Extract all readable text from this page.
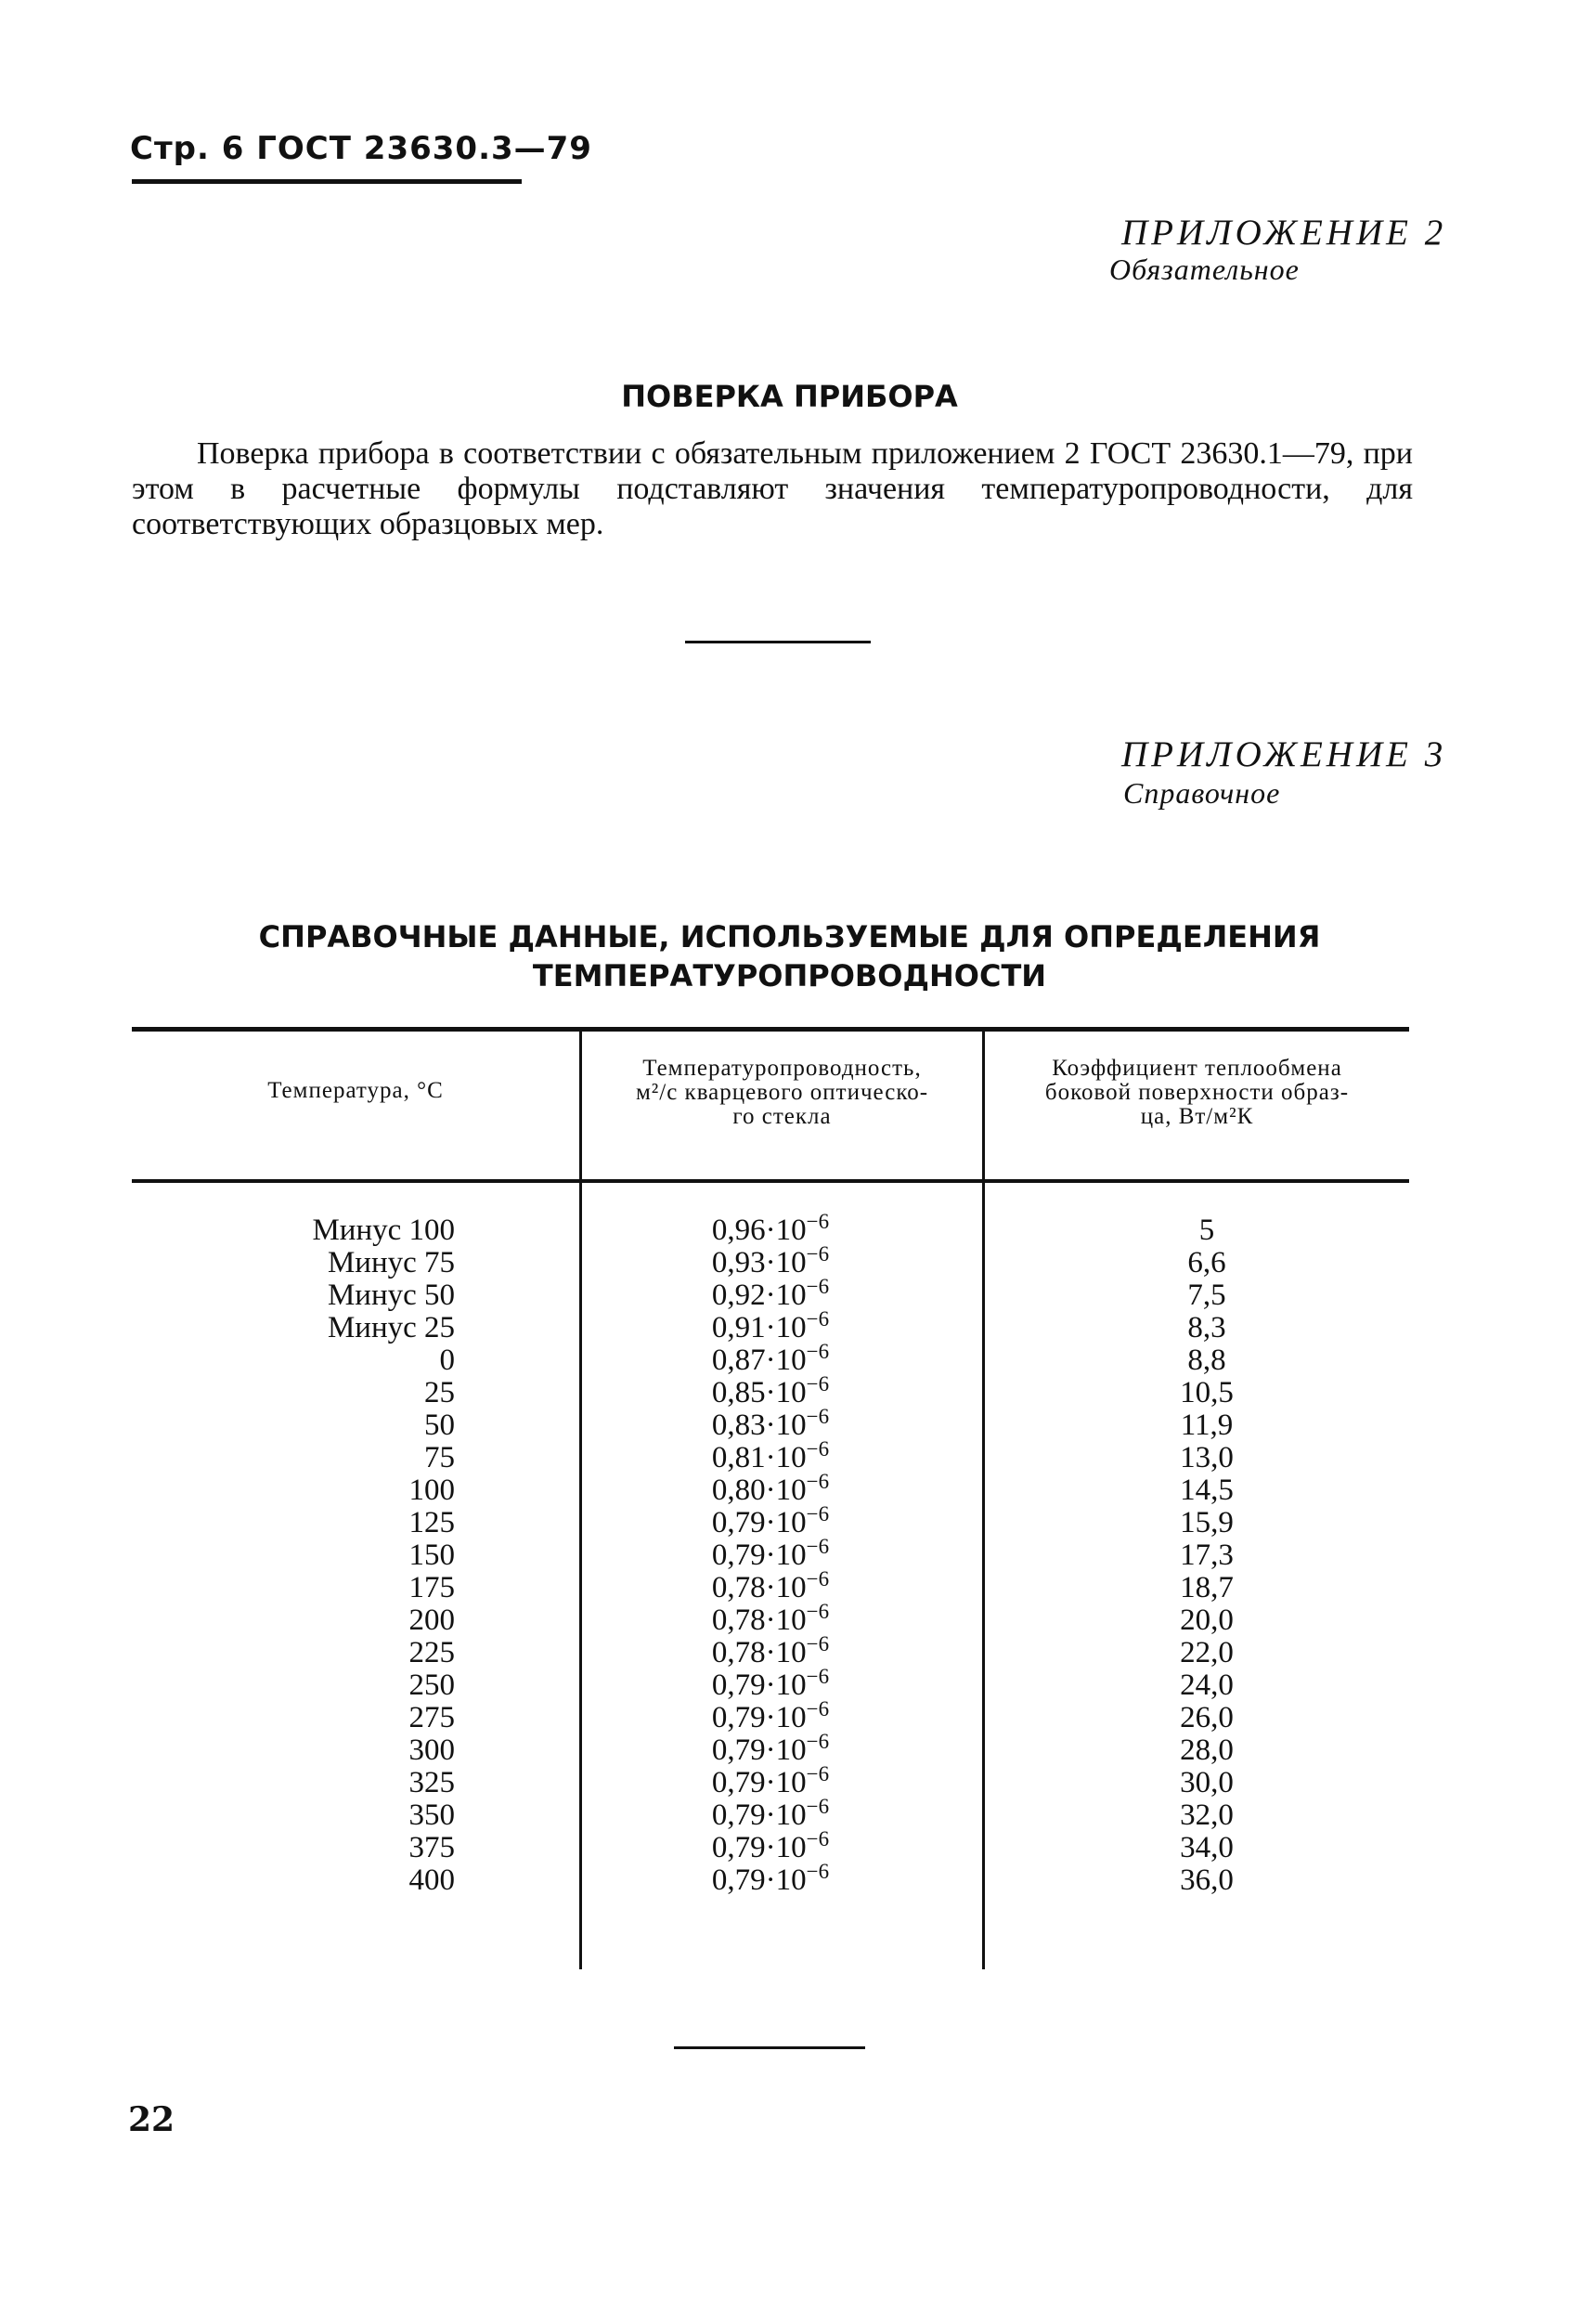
Стр. 6 ГОСТ 23630.3—79
ПРИЛОЖЕНИЕ 2
Обязательное
ПОВЕРКА ПРИБОРА

Поверка прибора в соответствии с обязательным приложением 2 ГОСТ 23630.1—79, при этом в расчетные формулы подставляют значения температуропроводности, для соответствующих образцовых мер.

ПРИЛОЖЕНИЕ 3
Справочное
СПРАВОЧНЫЕ ДАННЫЕ, ИСПОЛЬЗУЕМЫЕ ДЛЯ ОПРЕДЕЛЕНИЯ
ТЕМПЕРАТУРОПРОВОДНОСТИ
Температура, °С
Температуропроводность,
м²/с кварцевого оптическо-
го стекла
Коэффициент теплообмена
боковой поверхности образ-
ца, Вт/м²К
Минус 100
Минус 75
Минус 50
Минус 25
0
25
50
75
100
125
150
175
200
225
250
275
300
325
350
375
400
$0,96\cdot 10^{-6}$
$0,93\cdot 10^{-6}$
$0,92\cdot 10^{-6}$
$0,91\cdot 10^{-6}$
$0,87\cdot 10^{-6}$
$0,85\cdot 10^{-6}$
$0,83\cdot 10^{-6}$
$0,81\cdot 10^{-6}$
$0,80\cdot 10^{-6}$
$0,79\cdot 10^{-6}$
$0,79\cdot 10^{-6}$
$0,78\cdot 10^{-6}$
$0,78\cdot 10^{-6}$
$0,78\cdot 10^{-6}$
$0,79\cdot 10^{-6}$
$0,79\cdot 10^{-6}$
$0,79\cdot 10^{-6}$
$0,79\cdot 10^{-6}$
$0,79\cdot 10^{-6}$
$0,79\cdot 10^{-6}$
$0,79\cdot 10^{-6}$
5
6,6
7,5
8,3
8,8
10,5
11,9
13,0
14,5
15,9
17,3
18,7
20,0
22,0
24,0
26,0
28,0
30,0
32,0
34,0
36,0
22
